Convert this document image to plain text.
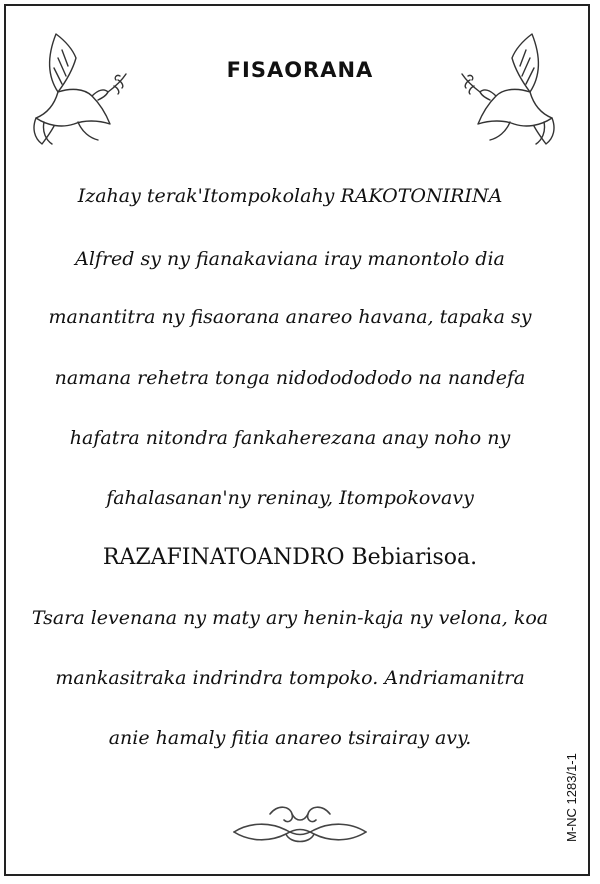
FISAORANA
Izahay terak'Itompokolahy RAKOTONIRINA
Alfred sy ny fianakaviana iray manontolo dia
manantitra ny fisaorana anareo havana, tapaka sy
namana rehetra tonga nidododododo na nandefa
hafatra nitondra fankaherezana anay noho ny
fahalasanan'ny reninay, Itompokovavy
RAZAFINATOANDRO Bebiarisoa.
Tsara levenana ny maty ary henin-kaja ny velona, koa
mankasitraka indrindra tompoko. Andriamanitra
anie hamaly fitia anareo tsirairay avy.
M-NC 1283/1-1
